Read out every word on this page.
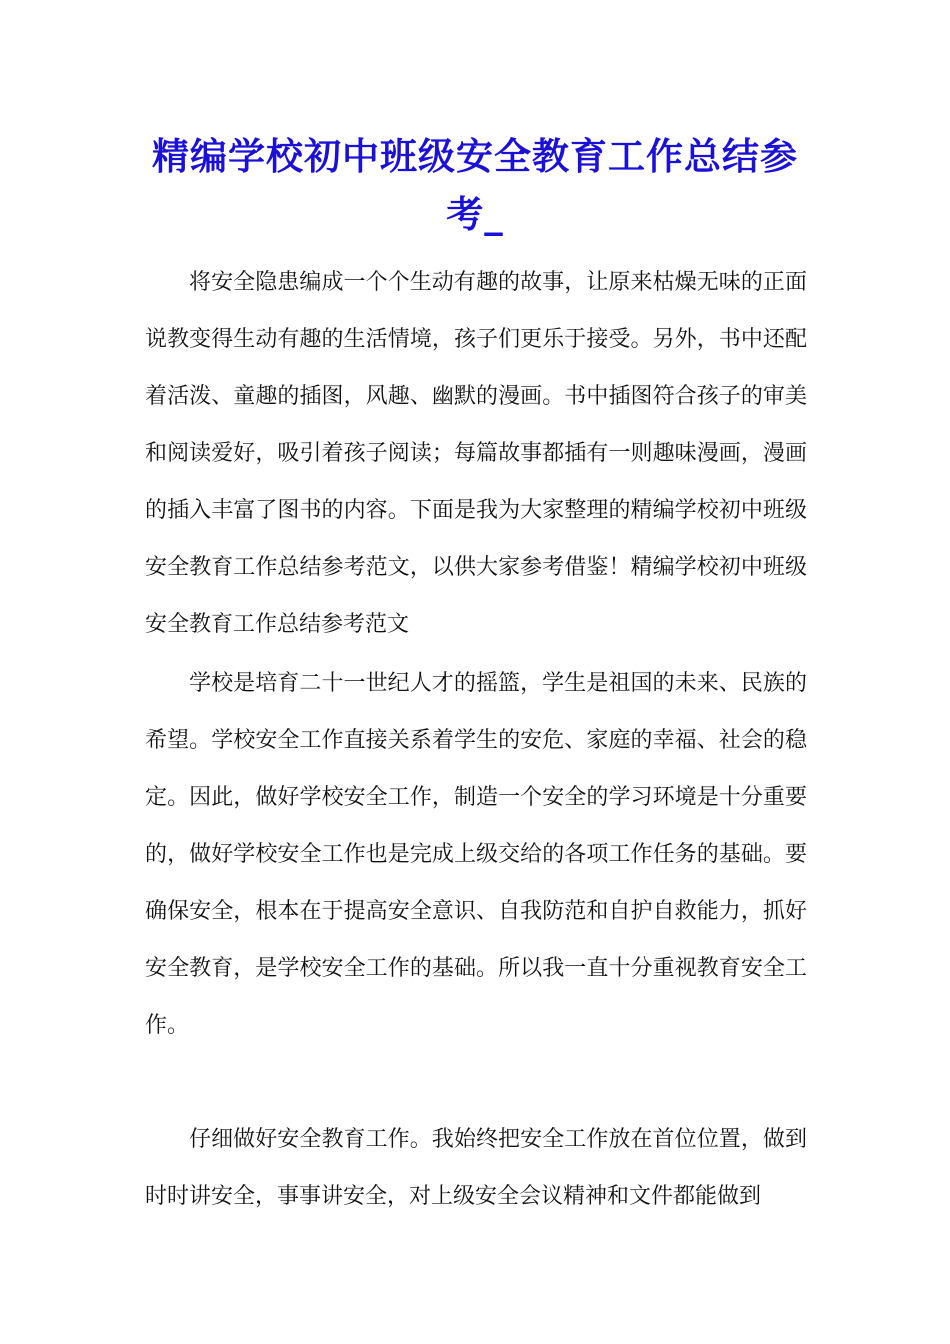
精编学校初中班级安全教育工作总结参考_

将安全隐患编成一个个生动有趣的故事，让原来枯燥无味的正面说教变得生动有趣的生活情境，孩子们更乐于接受。另外，书中还配着活泼、童趣的插图，风趣、幽默的漫画。书中插图符合孩子的审美和阅读爱好，吸引着孩子阅读；每篇故事都插有一则趣味漫画，漫画的插入丰富了图书的内容。下面是我为大家整理的精编学校初中班级安全教育工作总结参考范文，以供大家参考借鉴！精编学校初中班级安全教育工作总结参考范文

学校是培育二十一世纪人才的摇篮，学生是祖国的未来、民族的希望。学校安全工作直接关系着学生的安危、家庭的幸福、社会的稳定。因此，做好学校安全工作，制造一个安全的学习环境是十分重要的，做好学校安全工作也是完成上级交给的各项工作任务的基础。要确保安全，根本在于提高安全意识、自我防范和自护自救能力，抓好安全教育，是学校安全工作的基础。所以我一直十分重视教育安全工作。

仔细做好安全教育工作。我始终把安全工作放在首位位置，做到时时讲安全，事事讲安全，对上级安全会议精神和文件都能做到
